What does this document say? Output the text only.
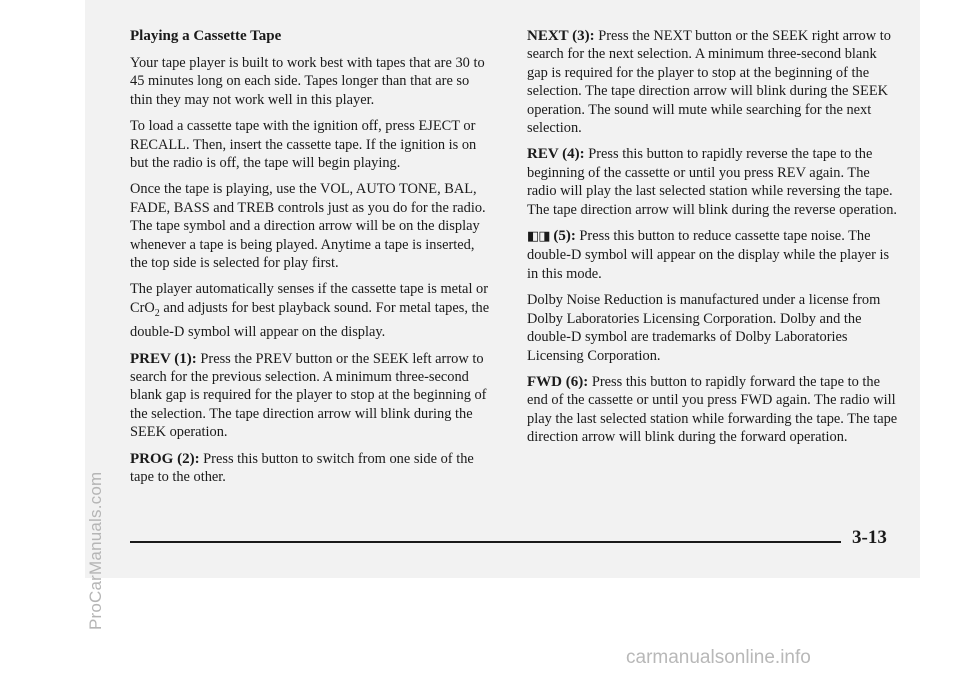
ProCarManuals.com
Playing a Cassette Tape

Your tape player is built to work best with tapes that are 30 to 45 minutes long on each side. Tapes longer than that are so thin they may not work well in this player.

To load a cassette tape with the ignition off, press EJECT or RECALL. Then, insert the cassette tape. If the ignition is on but the radio is off, the tape will begin playing.

Once the tape is playing, use the VOL, AUTO TONE, BAL, FADE, BASS and TREB controls just as you do for the radio. The tape symbol and a direction arrow will be on the display whenever a tape is being played. Anytime a tape is inserted, the top side is selected for play first.

The player automatically senses if the cassette tape is metal or CrO$_2$ and adjusts for best playback sound. For metal tapes, the double-D symbol will appear on the display.

PREV (1): Press the PREV button or the SEEK left arrow to search for the previous selection. A minimum three-second blank gap is required for the player to stop at the beginning of the selection. The tape direction arrow will blink during the SEEK operation.

PROG (2): Press this button to switch from one side of the tape to the other.

NEXT (3): Press the NEXT button or the SEEK right arrow to search for the next selection. A minimum three-second blank gap is required for the player to stop at the beginning of the selection. The tape direction arrow will blink during the SEEK operation. The sound will mute while searching for the next selection.

REV (4): Press this button to rapidly reverse the tape to the beginning of the cassette or until you press REV again. The radio will play the last selected station while reversing the tape. The tape direction arrow will blink during the reverse operation.

◧◨ (5): Press this button to reduce cassette tape noise. The double-D symbol will appear on the display while the player is in this mode.

Dolby Noise Reduction is manufactured under a license from Dolby Laboratories Licensing Corporation. Dolby and the double-D symbol are trademarks of Dolby Laboratories Licensing Corporation.

FWD (6): Press this button to rapidly forward the tape to the end of the cassette or until you press FWD again. The radio will play the last selected station while forwarding the tape. The tape direction arrow will blink during the forward operation.

3-13
carmanualsonline.info
